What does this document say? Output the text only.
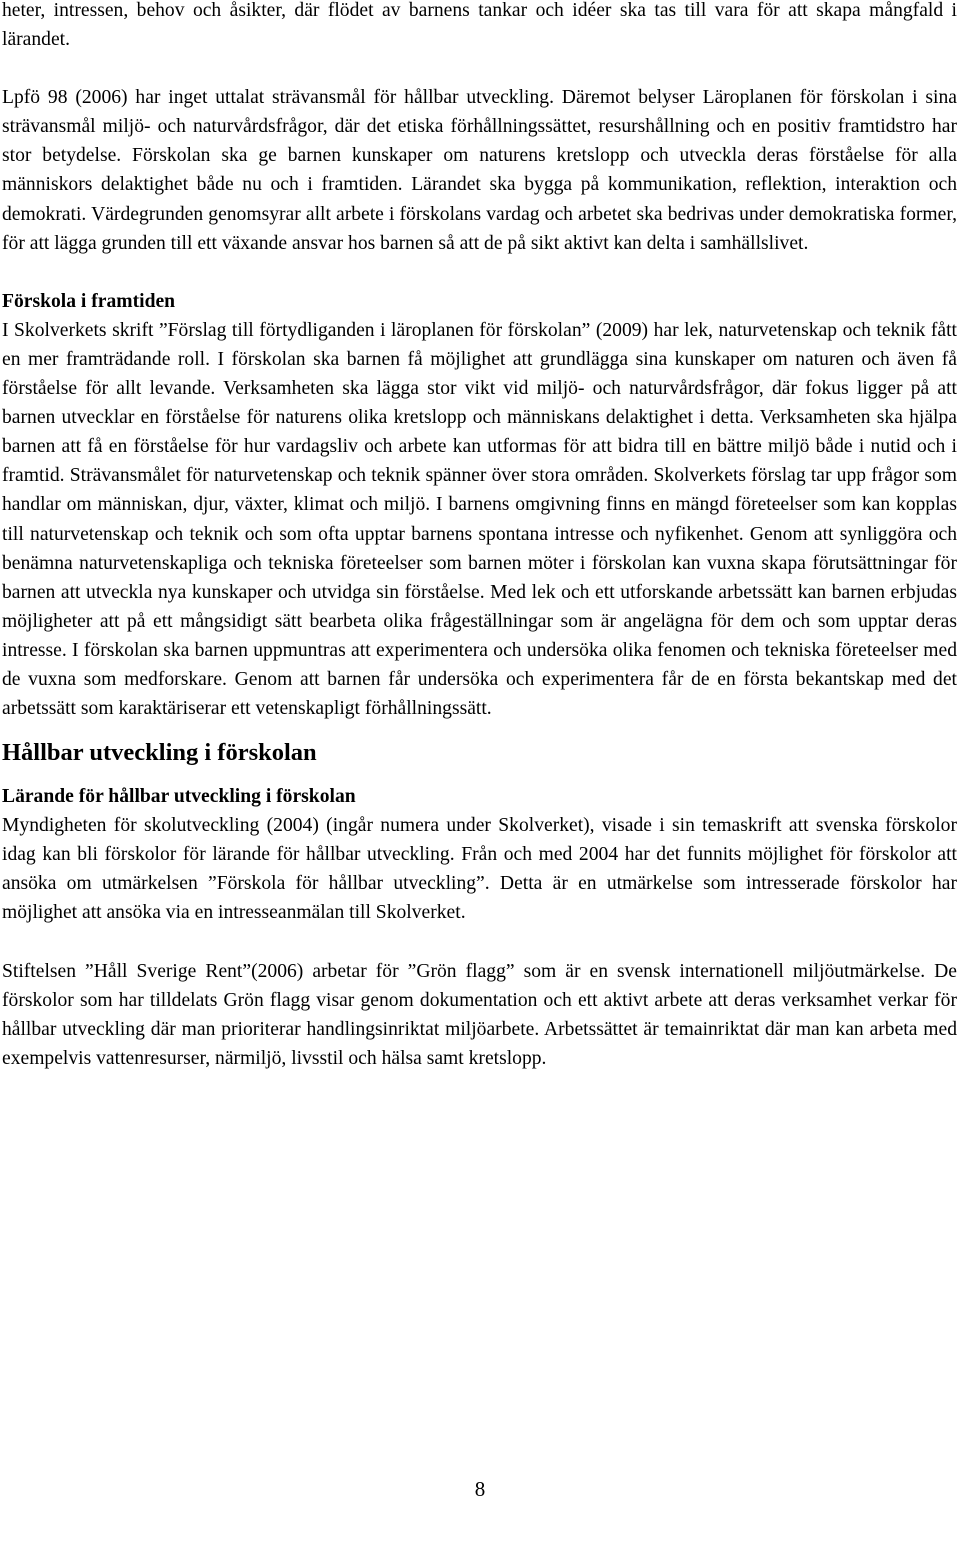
heter, intressen, behov och åsikter, där flödet av barnens tankar och idéer ska tas till vara för att skapa mångfald i lärandet.

Lpfö 98 (2006) har inget uttalat strävansmål för hållbar utveckling. Däremot belyser Läroplanen för förskolan i sina strävansmål miljö- och naturvårdsfrågor, där det etiska förhållningssättet, resurshållning och en positiv framtidstro har stor betydelse. Förskolan ska ge barnen kunskaper om naturens kretslopp och utveckla deras förståelse för alla människors delaktighet både nu och i framtiden. Lärandet ska bygga på kommunikation, reflektion, interaktion och demokrati. Värdegrunden genomsyrar allt arbete i förskolans vardag och arbetet ska bedrivas under demokratiska former, för att lägga grunden till ett växande ansvar hos barnen så att de på sikt aktivt kan delta i samhällslivet.

Förskola i framtiden

I Skolverkets skrift ”Förslag till förtydliganden i läroplanen för förskolan” (2009) har lek, naturvetenskap och teknik fått en mer framträdande roll. I förskolan ska barnen få möjlighet att grundlägga sina kunskaper om naturen och även få förståelse för allt levande. Verksamheten ska lägga stor vikt vid miljö- och naturvårdsfrågor, där fokus ligger på att barnen utvecklar en förståelse för naturens olika kretslopp och människans delaktighet i detta. Verksamheten ska hjälpa barnen att få en förståelse för hur vardagsliv och arbete kan utformas för att bidra till en bättre miljö både i nutid och i framtid. Strävansmålet för naturvetenskap och teknik spänner över stora områden. Skolverkets förslag tar upp frågor som handlar om människan, djur, växter, klimat och miljö. I barnens omgivning finns en mängd företeelser som kan kopplas till naturvetenskap och teknik och som ofta upptar barnens spontana intresse och nyfikenhet. Genom att synliggöra och benämna naturvetenskapliga och tekniska företeelser som barnen möter i förskolan kan vuxna skapa förutsättningar för barnen att utveckla nya kunskaper och utvidga sin förståelse. Med lek och ett utforskande arbetssätt kan barnen erbjudas möjligheter att på ett mångsidigt sätt bearbeta olika frågeställningar som är angelägna för dem och som upptar deras intresse. I förskolan ska barnen uppmuntras att experimentera och undersöka olika fenomen och tekniska företeelser med de vuxna som medforskare. Genom att barnen får undersöka och experimentera får de en första bekantskap med det arbetssätt som karaktäriserar ett vetenskapligt förhållningssätt.

Hållbar utveckling i förskolan
Lärande för hållbar utveckling i förskolan

Myndigheten för skolutveckling (2004) (ingår numera under Skolverket), visade i sin temaskrift att svenska förskolor idag kan bli förskolor för lärande för hållbar utveckling. Från och med 2004 har det funnits möjlighet för förskolor att ansöka om utmärkelsen ”Förskola för hållbar utveckling”. Detta är en utmärkelse som intresserade förskolor har möjlighet att ansöka via en intresseanmälan till Skolverket.

Stiftelsen ”Håll Sverige Rent”(2006) arbetar för ”Grön flagg” som är en svensk internationell miljöutmärkelse. De förskolor som har tilldelats Grön flagg visar genom dokumentation och ett aktivt arbete att deras verksamhet verkar för hållbar utveckling där man prioriterar handlingsinriktat miljöarbete. Arbetssättet är temainriktat där man kan arbeta med exempelvis vattenresurser, närmiljö, livsstil och hälsa samt kretslopp.

8
